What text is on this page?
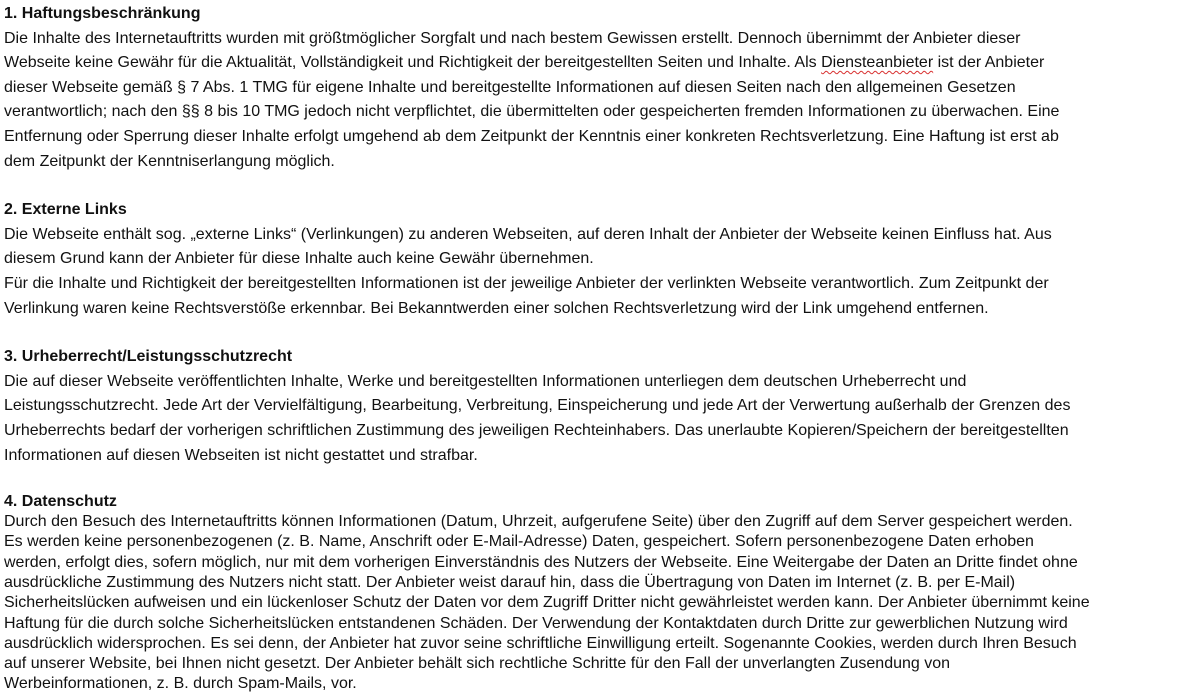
1. Haftungsbeschränkung
Die Inhalte des Internetauftritts wurden mit größtmöglicher Sorgfalt und nach bestem Gewissen erstellt. Dennoch übernimmt der Anbieter dieser
Webseite keine Gewähr für die Aktualität, Vollständigkeit und Richtigkeit der bereitgestellten Seiten und Inhalte. Als Diensteanbieter ist der Anbieter
dieser Webseite gemäß § 7 Abs. 1 TMG für eigene Inhalte und bereitgestellte Informationen auf diesen Seiten nach den allgemeinen Gesetzen
verantwortlich; nach den §§ 8 bis 10 TMG jedoch nicht verpflichtet, die übermittelten oder gespeicherten fremden Informationen zu überwachen. Eine
Entfernung oder Sperrung dieser Inhalte erfolgt umgehend ab dem Zeitpunkt der Kenntnis einer konkreten Rechtsverletzung. Eine Haftung ist erst ab
dem Zeitpunkt der Kenntniserlangung möglich.
2. Externe Links
Die Webseite enthält sog. „externe Links“ (Verlinkungen) zu anderen Webseiten, auf deren Inhalt der Anbieter der Webseite keinen Einfluss hat. Aus
diesem Grund kann der Anbieter für diese Inhalte auch keine Gewähr übernehmen.
Für die Inhalte und Richtigkeit der bereitgestellten Informationen ist der jeweilige Anbieter der verlinkten Webseite verantwortlich. Zum Zeitpunkt der
Verlinkung waren keine Rechtsverstöße erkennbar. Bei Bekanntwerden einer solchen Rechtsverletzung wird der Link umgehend entfernen.
3. Urheberrecht/Leistungsschutzrecht
Die auf dieser Webseite veröffentlichten Inhalte, Werke und bereitgestellten Informationen unterliegen dem deutschen Urheberrecht und
Leistungsschutzrecht. Jede Art der Vervielfältigung, Bearbeitung, Verbreitung, Einspeicherung und jede Art der Verwertung außerhalb der Grenzen des
Urheberrechts bedarf der vorherigen schriftlichen Zustimmung des jeweiligen Rechteinhabers. Das unerlaubte Kopieren/Speichern der bereitgestellten
Informationen auf diesen Webseiten ist nicht gestattet und strafbar.
4. Datenschutz
Durch den Besuch des Internetauftritts können Informationen (Datum, Uhrzeit, aufgerufene Seite) über den Zugriff auf dem Server gespeichert werden.
Es werden keine personenbezogenen (z. B. Name, Anschrift oder E-Mail-Adresse) Daten, gespeichert. Sofern personenbezogene Daten erhoben
werden, erfolgt dies, sofern möglich, nur mit dem vorherigen Einverständnis des Nutzers der Webseite. Eine Weitergabe der Daten an Dritte findet ohne
ausdrückliche Zustimmung des Nutzers nicht statt. Der Anbieter weist darauf hin, dass die Übertragung von Daten im Internet (z. B. per E-Mail)
Sicherheitslücken aufweisen und ein lückenloser Schutz der Daten vor dem Zugriff Dritter nicht gewährleistet werden kann. Der Anbieter übernimmt keine
Haftung für die durch solche Sicherheitslücken entstandenen Schäden. Der Verwendung der Kontaktdaten durch Dritte zur gewerblichen Nutzung wird
ausdrücklich widersprochen. Es sei denn, der Anbieter hat zuvor seine schriftliche Einwilligung erteilt. Sogenannte Cookies, werden durch Ihren Besuch
auf unserer Website, bei Ihnen nicht gesetzt. Der Anbieter behält sich rechtliche Schritte für den Fall der unverlangten Zusendung von
Werbeinformationen, z. B. durch Spam-Mails, vor.
